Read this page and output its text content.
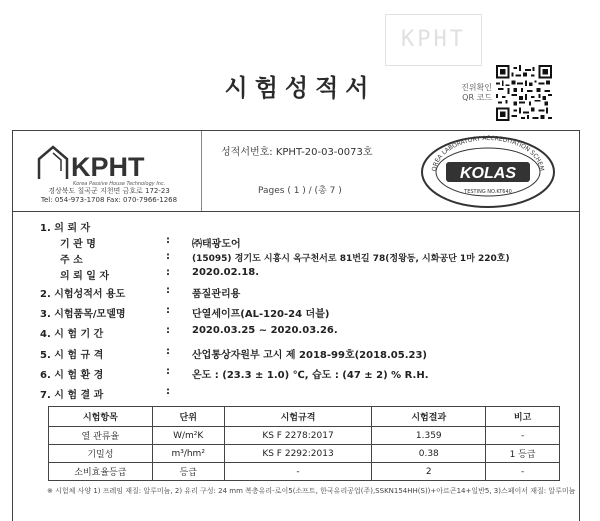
KPHT
시험성적서	진위확인
QR 코드
KPHT
Korea Passive House Technology Inc.
경상북도 칠곡군 지천면 금호로 172-23
Tel: 054-973-1708 Fax: 070-7966-1268
성적서번호: KPHT-20-03-0073호
Pages ( 1 ) / (총 7 )
OREA LABORATORY ACCREDITATION SCHEM
KOLAS
TESTING NO.KT640
1. 의 뢰 자
기 관 명	: ㈜태광도어
주 소	: (15095) 경기도 시흥시 옥구천서로 81번길 78(정왕동, 시화공단 1마 220호)
의 뢰 일 자	: 2020.02.18.
2. 시험성적서 용도	: 품질관리용
3. 시험품목/모델명	: 단열세이프(AL-120-24 더블)
4. 시 험 기 간	: 2020.03.25 ~ 2020.03.26.
5. 시 험 규 격	: 산업통상자원부 고시 제 2018-99호(2018.05.23)
6. 시 험 환 경	: 온도 : (23.3 ± 1.0) ℃, 습도 : (47 ± 2) % R.H.
7. 시 험 결 과	:
시험항목	단위	시험규격	시험결과	비고
열 관류율	W/m²K	KS F 2278:2017	1.359	-
기밀성	m³/hm²	KS F 2292:2013	0.38	1 등급
소비효율등급	등급	-	2	-
※ 시험체 사양 1) 프레임 재질: 알루미늄, 2) 유리 구성: 24 mm 복층유리-로이5(소프트, 한국유리공업(주),SSKN154HH(S))+아르곤14+일반5, 3)스페이서 재질: 알루미늄
